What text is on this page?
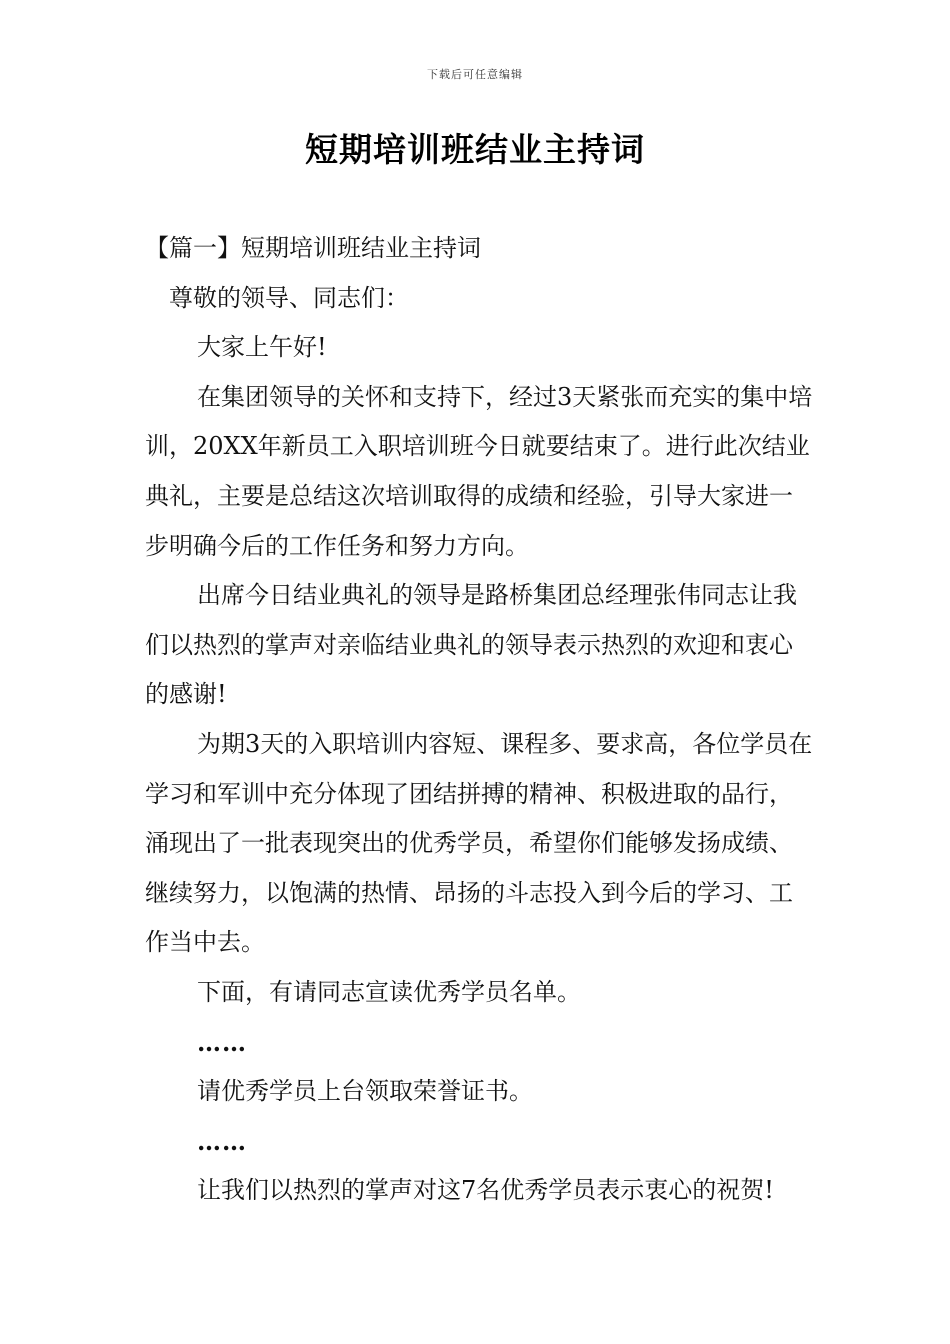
下载后可任意编辑
短期培训班结业主持词

【篇一】短期培训班结业主持词

尊敬的领导、同志们：

大家上午好!

在集团领导的关怀和支持下，经过3天紧张而充实的集中培训，20XX年新员工入职培训班今日就要结束了。进行此次结业典礼，主要是总结这次培训取得的成绩和经验，引导大家进一步明确今后的工作任务和努力方向。

出席今日结业典礼的领导是路桥集团总经理张伟同志让我们以热烈的掌声对亲临结业典礼的领导表示热烈的欢迎和衷心的感谢!

为期3天的入职培训内容短、课程多、要求高，各位学员在学习和军训中充分体现了团结拼搏的精神、积极进取的品行，涌现出了一批表现突出的优秀学员，希望你们能够发扬成绩、继续努力，以饱满的热情、昂扬的斗志投入到今后的学习、工作当中去。

下面，有请同志宣读优秀学员名单。

……

请优秀学员上台领取荣誉证书。

……

让我们以热烈的掌声对这7名优秀学员表示衷心的祝贺!
